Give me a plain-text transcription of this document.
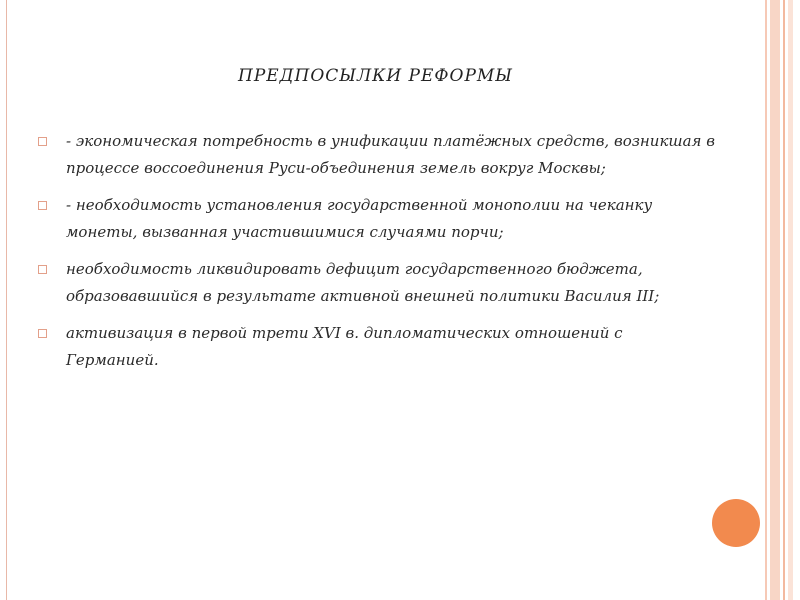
ПРЕДПОСЫЛКИ РЕФОРМЫ
- экономическая потребность в унификации платёжных средств, возникшая в процессе воссоединения Руси-объединения земель вокруг Москвы;
- необходимость установления государственной монополии на чеканку монеты, вызванная участившимися случаями порчи;
необходимость ликвидировать дефицит государственного бюджета, образовавшийся в результате активной внешней политики Василия III;
активизация в первой трети XVI в. дипломатических отношений с Германией.
